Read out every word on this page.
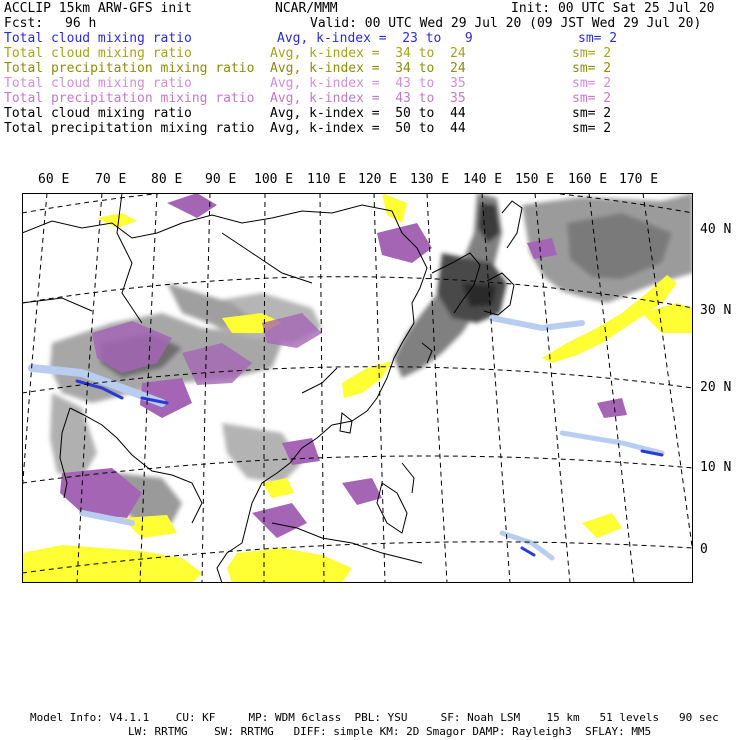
ACCLIP 15km ARW-GFS init	NCAR/MMM	Init: 00 UTC Sat 25 Jul 20
Fcst: 96 h	Valid: 00 UTC Wed 29 Jul 20 (09 JST Wed 29 Jul 20)
Total cloud mixing ratio	Avg, k-index =  23 to   9	sm= 2
Total cloud mixing ratio	Avg, k-index =  34 to  24	sm= 2
Total precipitation mixing ratio Avg, k-index =  34 to  24	sm= 2
Total cloud mixing ratio	Avg, k-index =  43 to  35	sm= 2
Total precipitation mixing ratio Avg, k-index =  43 to  35	sm= 2
Total cloud mixing ratio	Avg, k-index =  50 to  44	sm= 2
Total precipitation mixing ratio Avg, k-index =  50 to  44	sm= 2
60 E 70 E 80 E 90 E 100 E 110 E 120 E 130 E 140 E 150 E 160 E 170 E
40 N
30 N
20 N
10 N
0
Model Info: V4.1.1    CU: KF     MP: WDM 6class  PBL: YSU     SF: Noah LSM    15 km   51 levels   90 sec
LW: RRTMG    SW: RRTMG   DIFF: simple KM: 2D Smagor DAMP: Rayleigh3  SFLAY: MM5
